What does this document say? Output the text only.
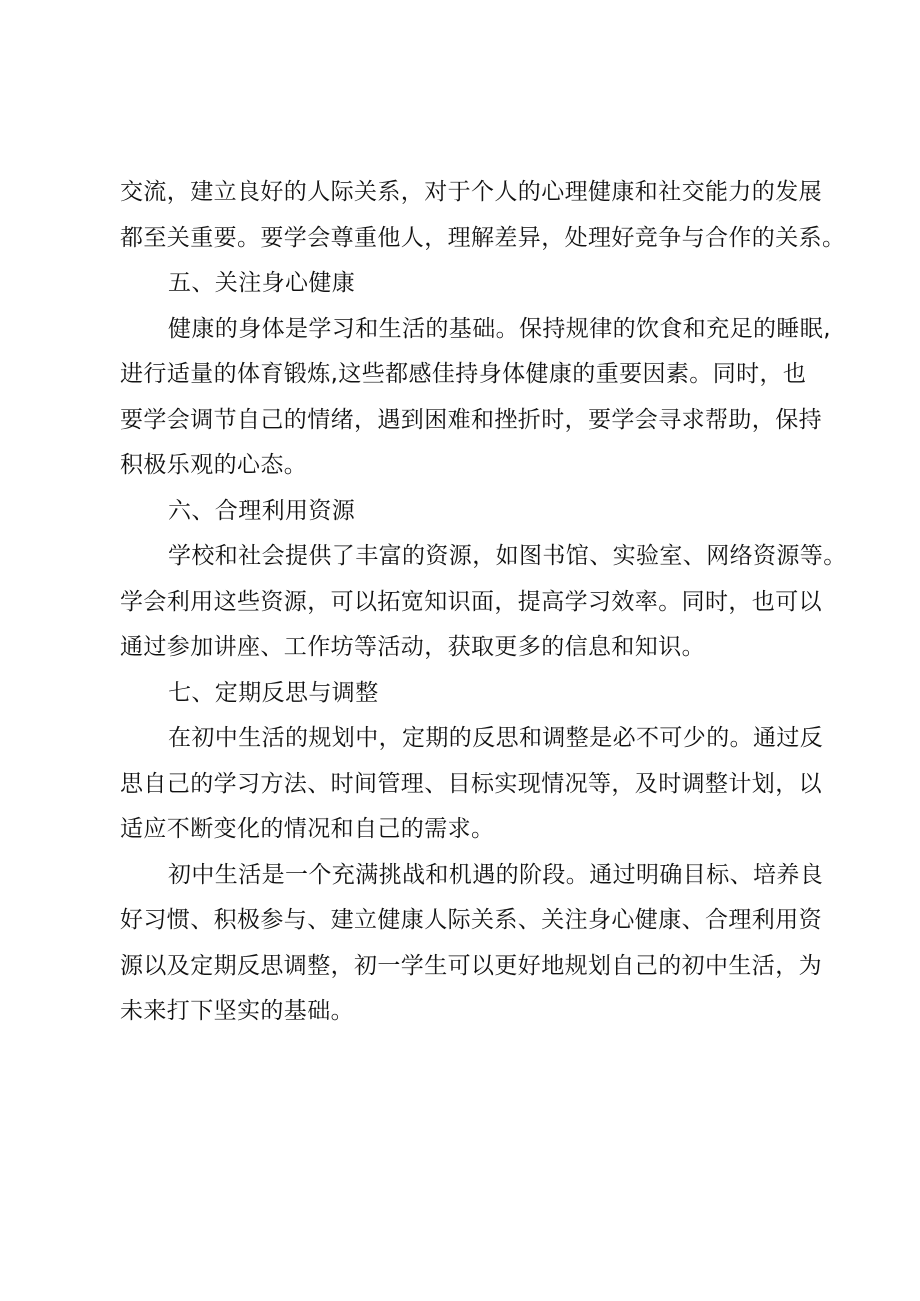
交流，建立良好的人际关系，对于个人的心理健康和社交能力的发展
都至关重要。要学会尊重他人，理解差异，处理好竞争与合作的关系。
五、关注身心健康
健康的身体是学习和生活的基础。保持规律的饮食和充足的睡眠,
进行适量的体育锻炼,这些都感佳持身体健康的重要因素。同时，也
要学会调节自己的情绪，遇到困难和挫折时，要学会寻求帮助，保持
积极乐观的心态。
六、合理利用资源
学校和社会提供了丰富的资源，如图书馆、实验室、网络资源等。
学会利用这些资源，可以拓宽知识面，提高学习效率。同时，也可以
通过参加讲座、工作坊等活动，获取更多的信息和知识。
七、定期反思与调整
在初中生活的规划中，定期的反思和调整是必不可少的。通过反
思自己的学习方法、时间管理、目标实现情况等，及时调整计划，以
适应不断变化的情况和自己的需求。
初中生活是一个充满挑战和机遇的阶段。通过明确目标、培养良
好习惯、积极参与、建立健康人际关系、关注身心健康、合理利用资
源以及定期反思调整，初一学生可以更好地规划自己的初中生活，为
未来打下坚实的基础。
